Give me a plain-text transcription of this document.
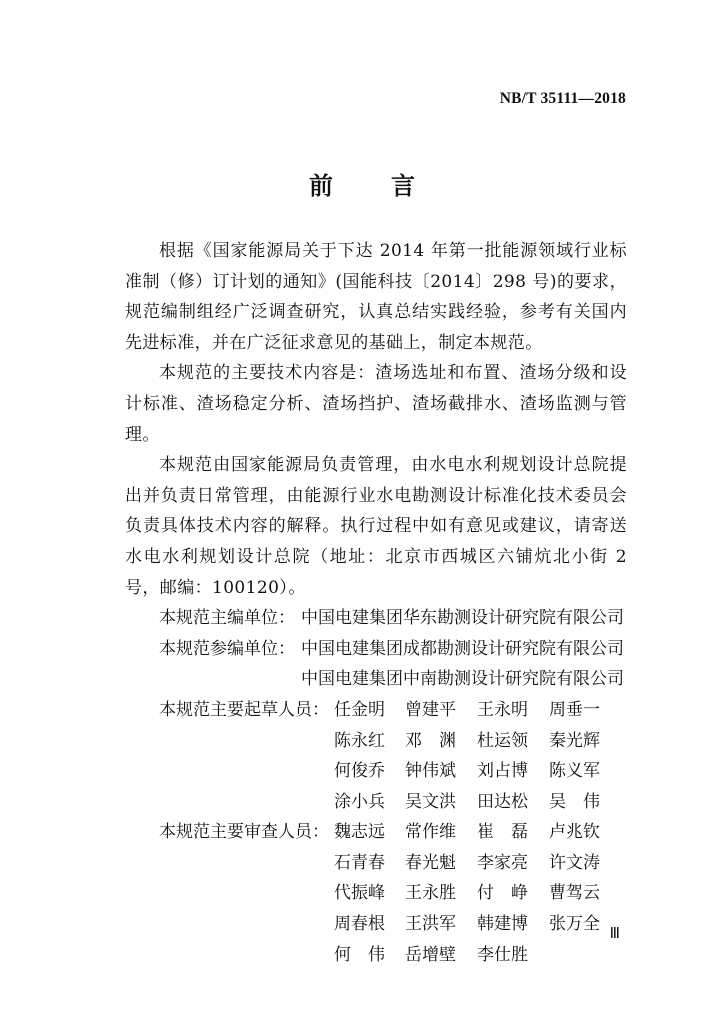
NB/T 35111—2018
前 言

根据《国家能源局关于下达 2014 年第一批能源领域行业标准制（修）订计划的通知》(国能科技〔2014〕298 号)的要求，规范编制组经广泛调查研究，认真总结实践经验，参考有关国内先进标准，并在广泛征求意见的基础上，制定本规范。

本规范的主要技术内容是：渣场选址和布置、渣场分级和设计标准、渣场稳定分析、渣场挡护、渣场截排水、渣场监测与管理。

本规范由国家能源局负责管理，由水电水利规划设计总院提出并负责日常管理，由能源行业水电勘测设计标准化技术委员会负责具体技术内容的解释。执行过程中如有意见或建议，请寄送水电水利规划设计总院（地址：北京市西城区六铺炕北小街 2 号，邮编：100120）。

本规范主编单位： 中国电建集团华东勘测设计研究院有限公司
本规范参编单位： 中国电建集团成都勘测设计研究院有限公司
中国电建集团中南勘测设计研究院有限公司
本规范主要起草人员： 任金明 曾建平 王永明 周垂一
陈永红 邓　渊 杜运领 秦光辉
何俊乔 钟伟斌 刘占博 陈义军
涂小兵 吴文洪 田达松 吴　伟
本规范主要审查人员： 魏志远 常作维 崔　磊 卢兆钦
石青春 春光魁 李家亮 许文涛
代振峰 王永胜 付　峥 曹驾云
周春根 王洪军 韩建博 张万全
何　伟 岳增壁 李仕胜
Ⅲ
